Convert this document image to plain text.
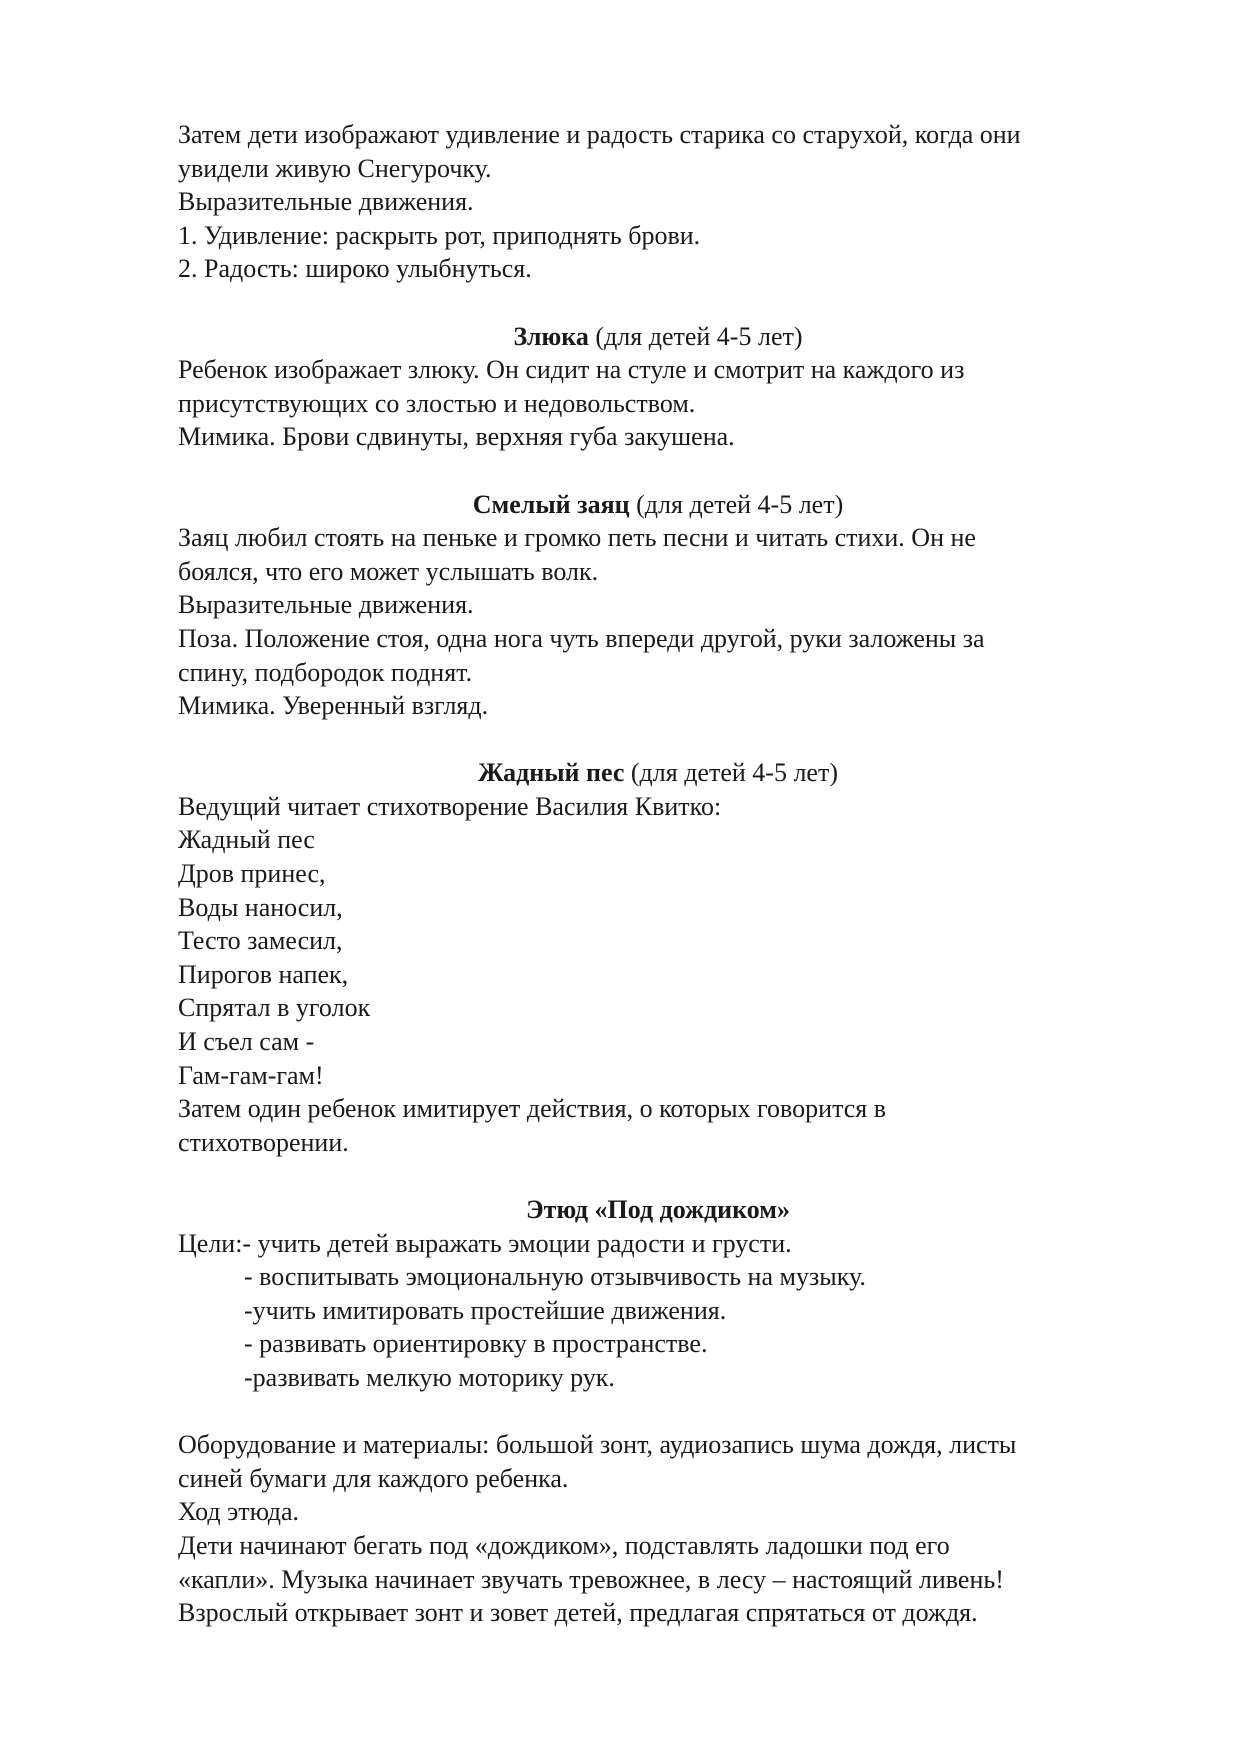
Затем дети изображают удивление и радость старика со старухой, когда они
увидели живую Снегурочку.
Выразительные движения.
1. Удивление: раскрыть рот, приподнять брови.
2. Радость: широко улыбнуться.
Злюка (для детей 4-5 лет)
Ребенок изображает злюку. Он сидит на стуле и смотрит на каждого из
присутствующих со злостью и недовольством.
Мимика. Брови сдвинуты, верхняя губа закушена.
Смелый заяц (для детей 4-5 лет)
Заяц любил стоять на пеньке и громко петь песни и читать стихи. Он не
боялся, что его может услышать волк.
Выразительные движения.
Поза. Положение стоя, одна нога чуть впереди другой, руки заложены за
спину, подбородок поднят.
Мимика. Уверенный взгляд.
Жадный пес (для детей 4-5 лет)
Ведущий читает стихотворение Василия Квитко:
Жадный пес
Дров принес,
Воды наносил,
Тесто замесил,
Пирогов напек,
Спрятал в уголок
И съел сам -
Гам-гам-гам!
Затем один ребенок имитирует действия, о которых говорится в
стихотворении.
Этюд «Под дождиком»
Цели:- учить детей выражать эмоции радости и грусти.
- воспитывать эмоциональную отзывчивость на музыку.
-учить имитировать простейшие движения.
- развивать ориентировку в пространстве.
-развивать мелкую моторику рук.
Оборудование и материалы: большой зонт, аудиозапись шума дождя, листы
синей бумаги для каждого ребенка.
Ход этюда.
Дети начинают бегать под «дождиком», подставлять ладошки под его
«капли». Музыка начинает звучать тревожнее, в лесу – настоящий ливень!
Взрослый открывает зонт и зовет детей, предлагая спрятаться от дождя.
